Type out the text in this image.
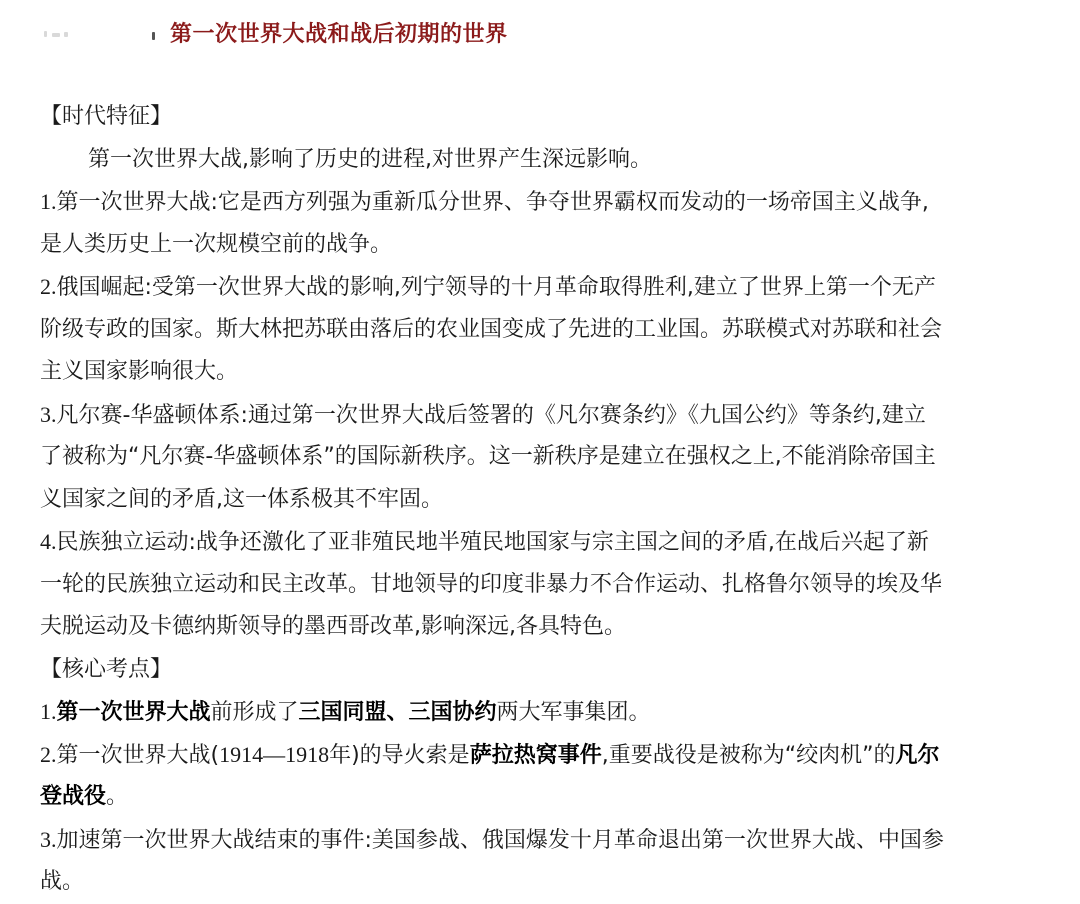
第一次世界大战和战后初期的世界
【时代特征】
第一次世界大战,影响了历史的进程,对世界产生深远影响。
1.第一次世界大战:它是西方列强为重新瓜分世界、争夺世界霸权而发动的一场帝国主义战争,
是人类历史上一次规模空前的战争。
2.俄国崛起:受第一次世界大战的影响,列宁领导的十月革命取得胜利,建立了世界上第一个无产
阶级专政的国家。斯大林把苏联由落后的农业国变成了先进的工业国。苏联模式对苏联和社会
主义国家影响很大。
3.凡尔赛-华盛顿体系:通过第一次世界大战后签署的《凡尔赛条约》《九国公约》等条约,建立
了被称为“凡尔赛-华盛顿体系”的国际新秩序。这一新秩序是建立在强权之上,不能消除帝国主
义国家之间的矛盾,这一体系极其不牢固。
4.民族独立运动:战争还激化了亚非殖民地半殖民地国家与宗主国之间的矛盾,在战后兴起了新
一轮的民族独立运动和民主改革。甘地领导的印度非暴力不合作运动、扎格鲁尔领导的埃及华
夫脱运动及卡德纳斯领导的墨西哥改革,影响深远,各具特色。
【核心考点】
1.第一次世界大战前形成了三国同盟、三国协约两大军事集团。
2.第一次世界大战(1914—1918年)的导火索是萨拉热窝事件,重要战役是被称为“绞肉机”的凡尔
登战役。
3.加速第一次世界大战结束的事件:美国参战、俄国爆发十月革命退出第一次世界大战、中国参
战。
